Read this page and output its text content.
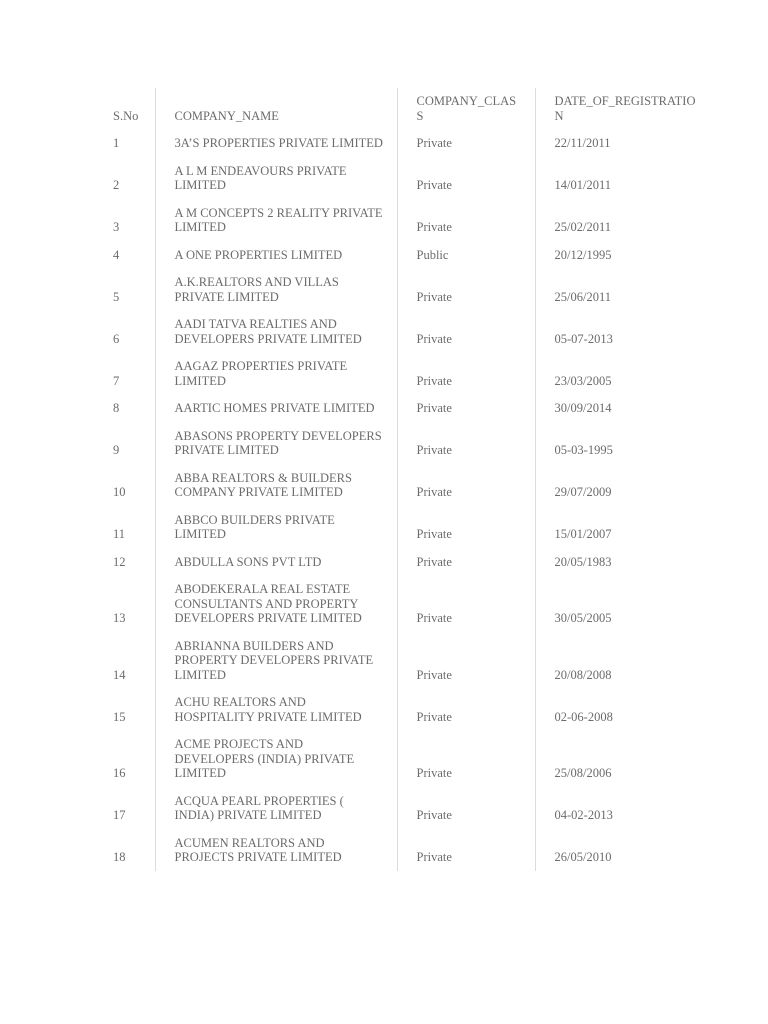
S.No	COMPANY_NAME	COMPANY_CLASS	DATE_OF_REGISTRATION
1	3A’S PROPERTIES PRIVATE LIMITED	Private	22/11/2011
2	A L M ENDEAVOURS PRIVATE LIMITED	Private	14/01/2011
3	A M CONCEPTS 2 REALITY PRIVATE LIMITED	Private	25/02/2011
4	A ONE PROPERTIES LIMITED	Public	20/12/1995
5	A.K.REALTORS AND VILLAS PRIVATE LIMITED	Private	25/06/2011
6	AADI TATVA REALTIES AND DEVELOPERS PRIVATE LIMITED	Private	05-07-2013
7	AAGAZ PROPERTIES PRIVATE LIMITED	Private	23/03/2005
8	AARTIC HOMES PRIVATE LIMITED	Private	30/09/2014
9	ABASONS PROPERTY DEVELOPERS PRIVATE LIMITED	Private	05-03-1995
10	ABBA REALTORS & BUILDERS COMPANY PRIVATE LIMITED	Private	29/07/2009
11	ABBCO BUILDERS PRIVATE LIMITED	Private	15/01/2007
12	ABDULLA SONS PVT LTD	Private	20/05/1983
13	ABODEKERALA REAL ESTATE CONSULTANTS AND PROPERTY DEVELOPERS PRIVATE LIMITED	Private	30/05/2005
14	ABRIANNA BUILDERS AND PROPERTY DEVELOPERS PRIVATE LIMITED	Private	20/08/2008
15	ACHU REALTORS AND HOSPITALITY PRIVATE LIMITED	Private	02-06-2008
16	ACME PROJECTS AND DEVELOPERS (INDIA) PRIVATE LIMITED	Private	25/08/2006
17	ACQUA PEARL PROPERTIES ( INDIA) PRIVATE LIMITED	Private	04-02-2013
18	ACUMEN REALTORS AND PROJECTS PRIVATE LIMITED	Private	26/05/2010
